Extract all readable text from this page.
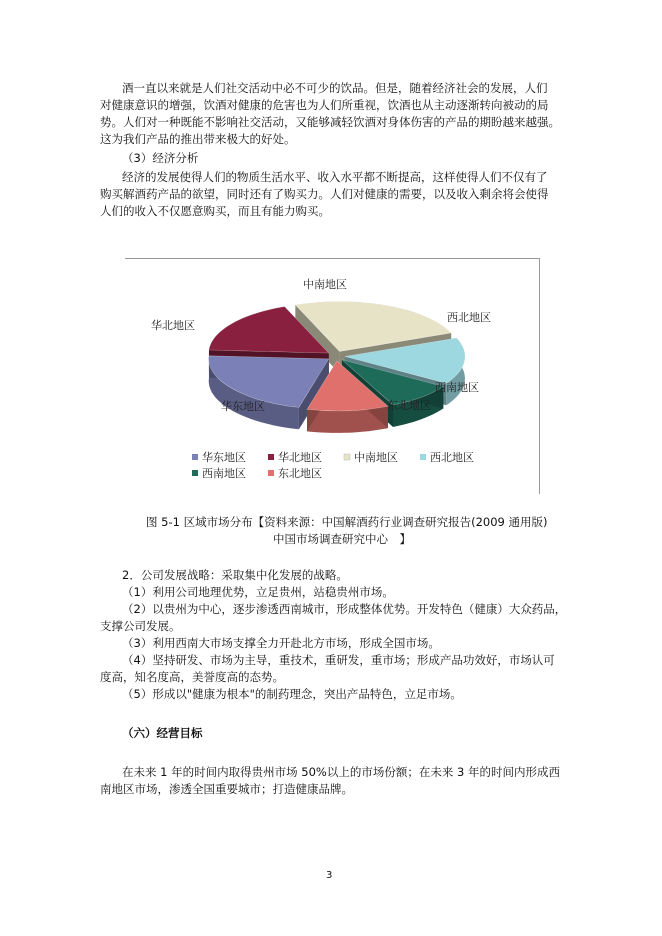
酒一直以来就是人们社交活动中必不可少的饮品。但是，随着经济社会的发展，人们
对健康意识的增强，饮酒对健康的危害也为人们所重视，饮酒也从主动逐渐转向被动的局
势。人们对一种既能不影响社交活动，又能够减轻饮酒对身体伤害的产品的期盼越来越强。
这为我们产品的推出带来极大的好处。
（3）经济分析
经济的发展使得人们的物质生活水平、收入水平都不断提高，这样使得人们不仅有了
购买解酒药产品的欲望，同时还有了购买力。人们对健康的需要，以及收入剩余将会使得
人们的收入不仅愿意购买，而且有能力购买。
华东地区
华北地区
中南地区
西北地区
西南地区
东北地区
华东地区	华北地区	中南地区	西北地区
西南地区	东北地区
图 5-1 区域市场分布【资料来源：中国解酒药行业调查研究报告(2009 通用版)
中国市场调查研究中心　】
2．公司发展战略：采取集中化发展的战略。
（1）利用公司地理优势，立足贵州，站稳贵州市场。
（2）以贵州为中心，逐步渗透西南城市，形成整体优势。开发特色（健康）大众药品，
支撑公司发展。
（3）利用西南大市场支撑全力开赴北方市场，形成全国市场。
（4）坚持研发、市场为主导，重技术，重研发，重市场；形成产品功效好，市场认可
度高，知名度高，美誉度高的态势。
（5）形成以"健康为根本"的制药理念，突出产品特色，立足市场。
（六）经营目标
在未来 1 年的时间内取得贵州市场 50%以上的市场份额；在未来 3 年的时间内形成西
南地区市场，渗透全国重要城市；打造健康品牌。
3
